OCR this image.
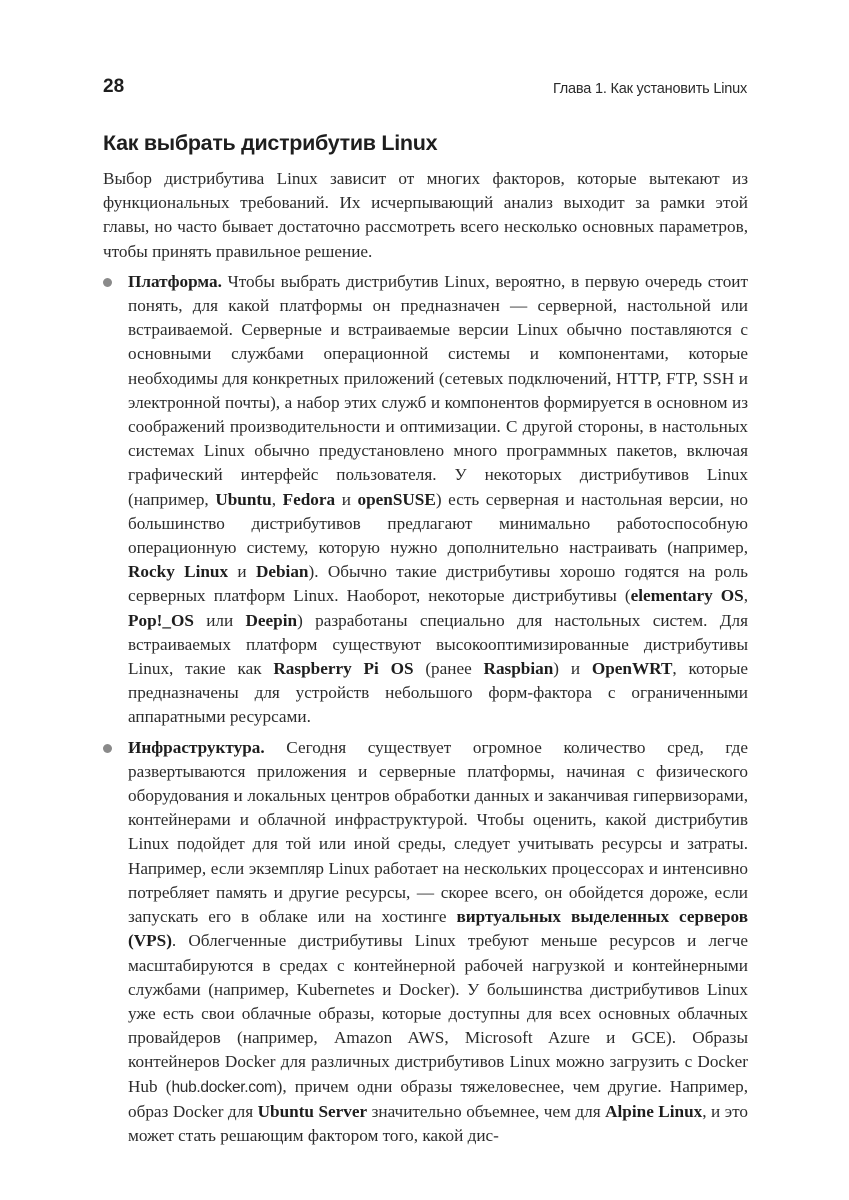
28	Глава 1. Как установить Linux
Как выбрать дистрибутив Linux

Выбор дистрибутива Linux зависит от многих факторов, которые вытекают из функциональных требований. Их исчерпывающий анализ выходит за рамки этой главы, но часто бывает достаточно рассмотреть всего несколько основных параметров, чтобы принять правильное решение.

Платформа. Чтобы выбрать дистрибутив Linux, вероятно, в первую очередь стоит понять, для какой платформы он предназначен — серверной, настольной или встраиваемой. Серверные и встраиваемые версии Linux обычно поставляются с основными службами операционной системы и компонентами, которые необходимы для конкретных приложений (сетевых подключений, HTTP, FTP, SSH и электронной почты), а набор этих служб и компонентов формируется в основном из соображений производительности и оптимизации. С другой стороны, в настольных системах Linux обычно предустановлено много программных пакетов, включая графический интерфейс пользователя. У некоторых дистрибутивов Linux (например, Ubuntu, Fedora и openSUSE) есть серверная и настольная версии, но большинство дистрибутивов предлагают минимально работоспособную операционную систему, которую нужно дополнительно настраивать (например, Rocky Linux и Debian). Обычно такие дистрибутивы хорошо годятся на роль серверных платформ Linux. Наоборот, некоторые дистрибутивы (elementary OS, Pop!_OS или Deepin) разработаны специально для настольных систем. Для встраиваемых платформ существуют высокооптимизированные дистрибутивы Linux, такие как Raspberry Pi OS (ранее Raspbian) и OpenWRT, которые предназначены для устройств небольшого форм-фактора с ограниченными аппаратными ресурсами.
Инфраструктура. Сегодня существует огромное количество сред, где развертываются приложения и серверные платформы, начиная с физического оборудования и локальных центров обработки данных и заканчивая гипервизорами, контейнерами и облачной инфраструктурой. Чтобы оценить, какой дистрибутив Linux подойдет для той или иной среды, следует учитывать ресурсы и затраты. Например, если экземпляр Linux работает на нескольких процессорах и интенсивно потребляет память и другие ресурсы, — скорее всего, он обойдется дороже, если запускать его в облаке или на хостинге виртуальных выделенных серверов (VPS). Облегченные дистрибутивы Linux требуют меньше ресурсов и легче масштабируются в средах с контейнерной рабочей нагрузкой и контейнерными службами (например, Kubernetes и Docker). У большинства дистрибутивов Linux уже есть свои облачные образы, которые доступны для всех основных облачных провайдеров (например, Amazon AWS, Microsoft Azure и GCE). Образы контейнеров Docker для различных дистрибутивов Linux можно загрузить с Docker Hub (hub.docker.com), причем одни образы тяжеловеснее, чем другие. Например, образ Docker для Ubuntu Server значительно объемнее, чем для Alpine Linux, и это может стать решающим фактором того, какой дис-
